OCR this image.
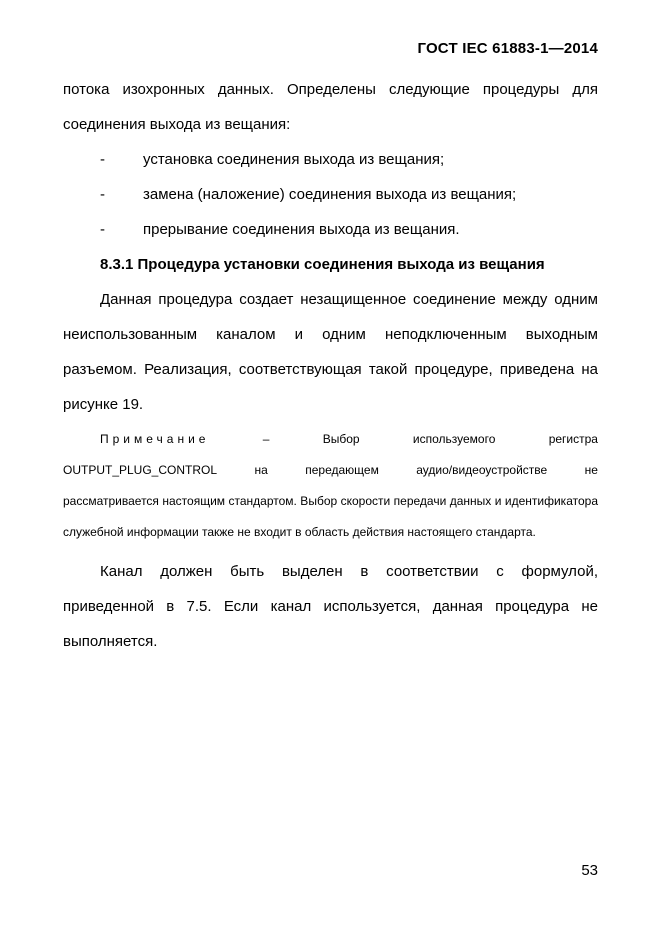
ГОСТ IEC 61883-1—2014

потока изохронных данных. Определены следующие процедуры для соединения выхода из вещания:

-	установка соединения выхода из вещания;
-	замена (наложение) соединения выхода из вещания;
-	прерывание соединения выхода из вещания.
8.3.1 Процедура установки соединения выхода из вещания

Данная процедура создает незащищенное соединение между одним неиспользованным каналом и одним неподключенным выходным разъемом. Реализация, соответствующая такой процедуре, приведена на рисунке 19.

Примечание	–	Выбор	используемого	регистра
OUTPUT_PLUG_CONTROL	на	передающем	аудио/видеоустройстве	не

рассматривается настоящим стандартом. Выбор скорости передачи данных и идентификатора служебной информации также не входит в область действия настоящего стандарта.

Канал должен быть выделен в соответствии с формулой, приведенной в 7.5. Если канал используется, данная процедура не выполняется.

53
